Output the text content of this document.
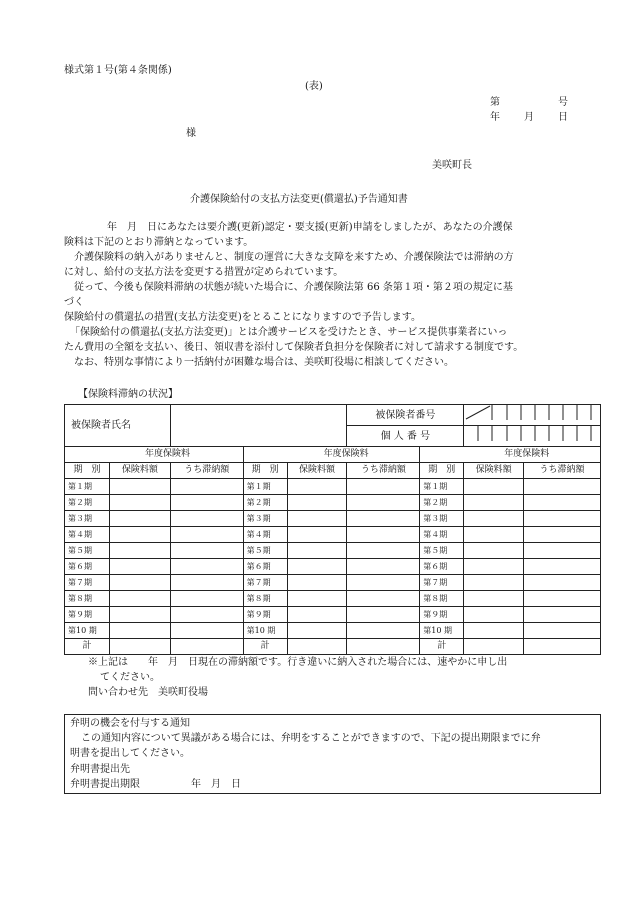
様式第１号(第４条関係)
(表)
第	号
年 月 日
様
美咲町長
介護保険給付の支払方法変更(償還払)予告通知書
年　月　日にあなたは要介護(更新)認定・要支援(更新)申請をしましたが、あなたの介護保
険料は下記のとおり滞納となっています。
介護保険料の納入がありませんと、制度の運営に大きな支障を来すため、介護保険法では滞納の方
に対し、給付の支払方法を変更する措置が定められています。
従って、今後も保険料滞納の状態が続いた場合に、介護保険法第 66 条第１項・第２項の規定に基
づく
保険給付の償還払の措置(支払方法変更)をとることになりますので予告します。
「保険給付の償還払(支払方法変更)」とは介護サービスを受けたとき、サービス提供事業者にいっ
たん費用の全額を支払い、後日、領収書を添付して保険者負担分を保険者に対して請求する制度です。
なお、特別な事情により一括納付が困難な場合は、美咲町役場に相談してください。
【保険料滞納の状況】
被保険者氏名					被保険者番号	
					個 人 番 号	
年度保険料			年度保険料			年度保険料		
期　別	保険料額	うち滞納額	期　別	保険料額	うち滞納額	期　別	保険料額	うち滞納額
第１期			第１期			第１期		
第２期			第２期			第２期		
第３期			第３期			第３期		
第４期			第４期			第４期		
第５期			第５期			第５期		
第６期			第６期			第６期		
第７期			第７期			第７期		
第８期			第８期			第８期		
第９期			第９期			第９期		
第10 期			第10 期			第10 期		
計			計			計		
※上記は　　年　月　日現在の滞納額です。行き違いに納入された場合には、速やかに申し出
てください。
問い合わせ先　美咲町役場
弁明の機会を付与する通知
この通知内容について異議がある場合には、弁明をすることができますので、下記の提出期限までに弁
明書を提出してください。
弁明書提出先
弁明書提出期限	年　月　日
